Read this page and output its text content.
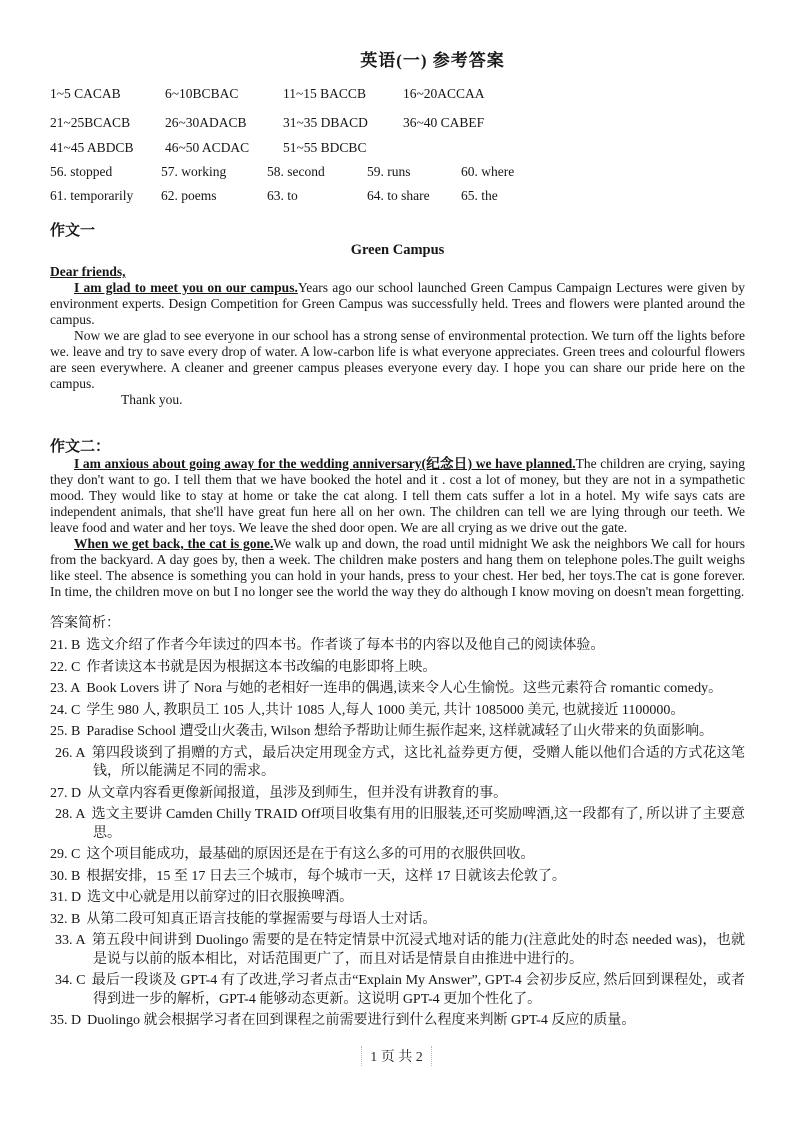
英语(一) 参考答案
1~5 CACAB	6~10BCBAC	11~15 BACCB	16~20ACCAA
21~25BCACB	26~30ADACB	31~35 DBACD	36~40 CABEF
41~45 ABDCB	46~50 ACDAC	51~55 BDCBC
56. stopped	57. working	58. second	59. runs	60. where
61. temporarily	62. poems	63. to	64. to share	65. the
作文一
Green Campus

Dear friends,

I am glad to meet you on our campus.Years ago our school launched Green Campus Campaign Lectures were given by environment experts. Design Competition for Green Campus was successfully held. Trees and flowers were planted around the campus.

Now we are glad to see everyone in our school has a strong sense of environmental protection. We turn off the lights before we. leave and try to save every drop of water. A low-carbon life is what everyone appreciates. Green trees and colourful flowers are seen everywhere. A cleaner and greener campus pleases everyone every day. I hope you can share our pride here on the campus.

Thank you.

作文二：

I am anxious about going away for the wedding anniversary(纪念日) we have planned.The children are crying, saying they don't want to go. I tell them that we have booked the hotel and it . cost a lot of money, but they are not in a sympathetic mood. They would like to stay at home or take the cat along. I tell them cats suffer a lot in a hotel. My wife says cats are independent animals, that she'll have great fun here all on her own. The children can tell we are lying through our teeth. We leave food and water and her toys. We leave the shed door open. We are all crying as we drive out the gate.

When we get back, the cat is gone.We walk up and down, the road until midnight We ask the neighbors We call for hours from the backyard. A day goes by, then a week. The children make posters and hang them on telephone poles.The guilt weighs like steel. The absence is something you can hold in your hands, press to your chest. Her bed, her toys.The cat is gone forever. In time, the children move on but I no longer see the world the way they do although I know moving on doesn't mean forgetting.

答案简析：

21. B 选文介绍了作者今年读过的四本书。作者谈了每本书的内容以及他自己的阅读体验。

22. C 作者读这本书就是因为根据这本书改编的电影即将上映。

23. A Book Lovers 讲了 Nora 与她的老相好一连串的偶遇,读来令人心生愉悦。这些元素符合 romantic comedy。

24. C 学生 980 人, 教职员工 105 人,共计 1085 人,每人 1000 美元, 共计 1085000 美元, 也就接近 1100000。

25. B Paradise School 遭受山火袭击, Wilson 想给予帮助让师生振作起来, 这样就减轻了山火带来的负面影响。

26. A 第四段谈到了捐赠的方式，最后决定用现金方式，这比礼益券更方便，受赠人能以他们合适的方式花这笔钱，所以能满足不同的需求。

27. D 从文章内容看更像新闻报道，虽涉及到师生，但并没有讲教育的事。

28. A 选文主要讲 Camden Chilly TRAID Off项目收集有用的旧服装,还可奖励啤酒,这一段都有了, 所以讲了主要意思。

29. C 这个项目能成功，最基础的原因还是在于有这么多的可用的衣服供回收。

30. B 根据安排，15 至 17 日去三个城市，每个城市一天，这样 17 日就该去伦敦了。

31. D 选文中心就是用以前穿过的旧衣服换啤酒。

32. B 从第二段可知真正语言技能的掌握需要与母语人士对话。

33. A 第五段中间讲到 Duolingo 需要的是在特定情景中沉浸式地对话的能力(注意此处的时态 needed was)，也就是说与以前的版本相比，对话范围更广了，而且对话是情景自由推进中进行的。

34. C 最后一段谈及 GPT-4 有了改进,学习者点击“Explain My Answer”, GPT-4 会初步反应, 然后回到课程处，或者得到进一步的解析，GPT-4 能够动态更新。这说明 GPT-4 更加个性化了。

35. D Duolingo 就会根据学习者在回到课程之前需要进行到什么程度来判断 GPT-4 反应的质量。

1 页 共 2
